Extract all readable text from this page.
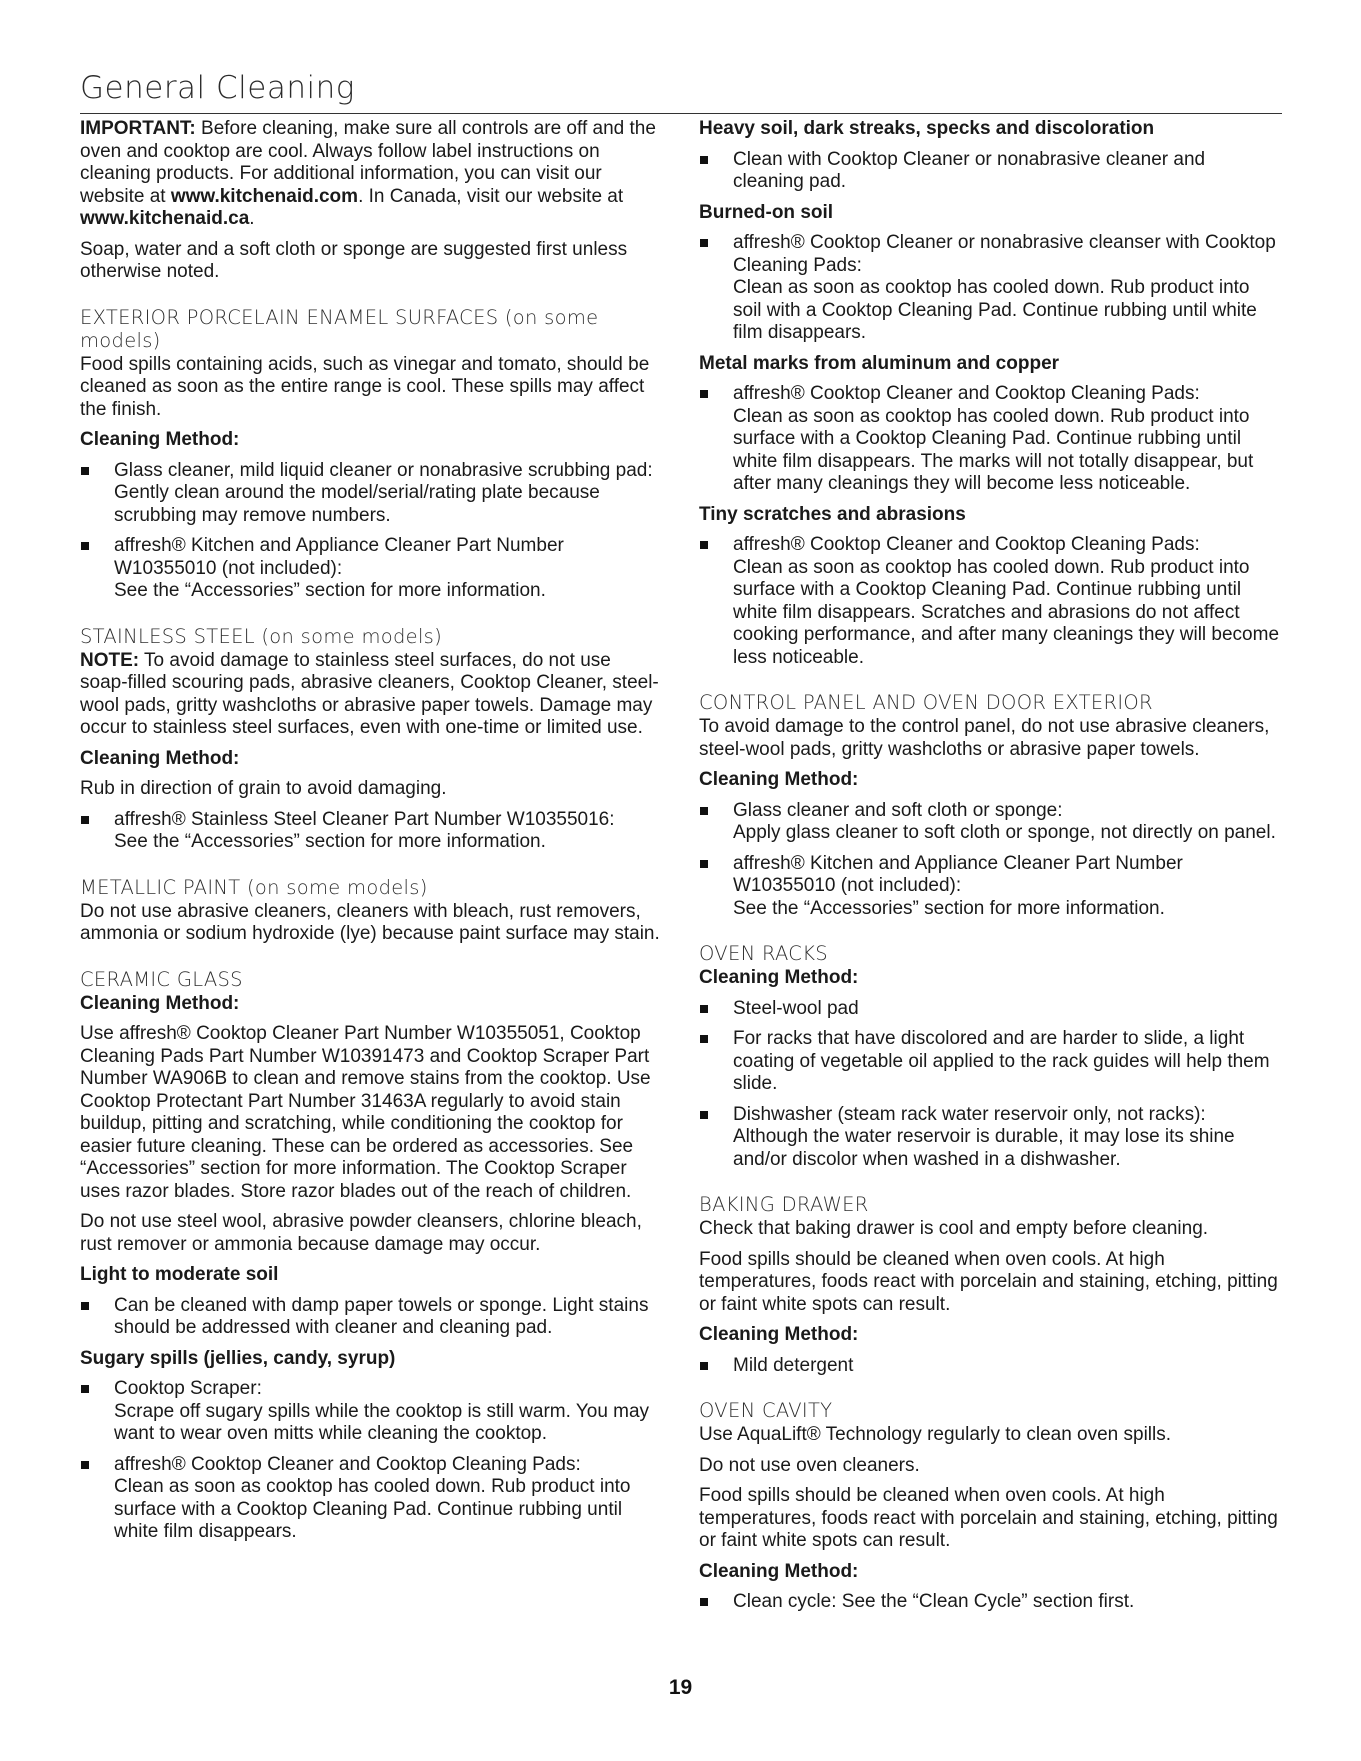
General Cleaning

IMPORTANT: Before cleaning, make sure all controls are off and the oven and cooktop are cool. Always follow label instructions on cleaning products. For additional information, you can visit our website at www.kitchenaid.com. In Canada, visit our website at
www.kitchenaid.ca.

Soap, water and a soft cloth or sponge are suggested first unless otherwise noted.

EXTERIOR PORCELAIN ENAMEL SURFACES (on some models)

Food spills containing acids, such as vinegar and tomato, should be cleaned as soon as the entire range is cool. These spills may affect the finish.

Cleaning Method:
Glass cleaner, mild liquid cleaner or nonabrasive scrubbing pad:
Gently clean around the model/serial/rating plate because scrubbing may remove numbers.
affresh® Kitchen and Appliance Cleaner Part Number W10355010 (not included):
See the “Accessories” section for more information.
STAINLESS STEEL (on some models)

NOTE: To avoid damage to stainless steel surfaces, do not use soap-filled scouring pads, abrasive cleaners, Cooktop Cleaner, steel-wool pads, gritty washcloths or abrasive paper towels. Damage may occur to stainless steel surfaces, even with one-time or limited use.

Cleaning Method:

Rub in direction of grain to avoid damaging.

affresh® Stainless Steel Cleaner Part Number W10355016:
See the “Accessories” section for more information.
METALLIC PAINT (on some models)

Do not use abrasive cleaners, cleaners with bleach, rust removers, ammonia or sodium hydroxide (lye) because paint surface may stain.

CERAMIC GLASS
Cleaning Method:

Use affresh® Cooktop Cleaner Part Number W10355051, Cooktop Cleaning Pads Part Number W10391473 and Cooktop Scraper Part Number WA906B to clean and remove stains from the cooktop. Use Cooktop Protectant Part Number 31463A regularly to avoid stain buildup, pitting and scratching, while conditioning the cooktop for easier future cleaning. These can be ordered as accessories. See “Accessories” section for more information. The Cooktop Scraper uses razor blades. Store razor blades out of the reach of children.

Do not use steel wool, abrasive powder cleansers, chlorine bleach, rust remover or ammonia because damage may occur.

Light to moderate soil
Can be cleaned with damp paper towels or sponge. Light stains should be addressed with cleaner and cleaning pad.
Sugary spills (jellies, candy, syrup)
Cooktop Scraper:
Scrape off sugary spills while the cooktop is still warm. You may want to wear oven mitts while cleaning the cooktop.
affresh® Cooktop Cleaner and Cooktop Cleaning Pads:
Clean as soon as cooktop has cooled down. Rub product into surface with a Cooktop Cleaning Pad. Continue rubbing until white film disappears.
Heavy soil, dark streaks, specks and discoloration
Clean with Cooktop Cleaner or nonabrasive cleaner and cleaning pad.
Burned-on soil
affresh® Cooktop Cleaner or nonabrasive cleanser with Cooktop Cleaning Pads:
Clean as soon as cooktop has cooled down. Rub product into soil with a Cooktop Cleaning Pad. Continue rubbing until white film disappears.
Metal marks from aluminum and copper
affresh® Cooktop Cleaner and Cooktop Cleaning Pads:
Clean as soon as cooktop has cooled down. Rub product into surface with a Cooktop Cleaning Pad. Continue rubbing until white film disappears. The marks will not totally disappear, but after many cleanings they will become less noticeable.
Tiny scratches and abrasions
affresh® Cooktop Cleaner and Cooktop Cleaning Pads:
Clean as soon as cooktop has cooled down. Rub product into surface with a Cooktop Cleaning Pad. Continue rubbing until white film disappears. Scratches and abrasions do not affect cooking performance, and after many cleanings they will become less noticeable.
CONTROL PANEL AND OVEN DOOR EXTERIOR

To avoid damage to the control panel, do not use abrasive cleaners, steel-wool pads, gritty washcloths or abrasive paper towels.

Cleaning Method:
Glass cleaner and soft cloth or sponge:
Apply glass cleaner to soft cloth or sponge, not directly on panel.
affresh® Kitchen and Appliance Cleaner Part Number W10355010 (not included):
See the “Accessories” section for more information.
OVEN RACKS
Cleaning Method:
Steel-wool pad
For racks that have discolored and are harder to slide, a light coating of vegetable oil applied to the rack guides will help them slide.
Dishwasher (steam rack water reservoir only, not racks):
Although the water reservoir is durable, it may lose its shine and/or discolor when washed in a dishwasher.
BAKING DRAWER

Check that baking drawer is cool and empty before cleaning.

Food spills should be cleaned when oven cools. At high temperatures, foods react with porcelain and staining, etching, pitting or faint white spots can result.

Cleaning Method:
Mild detergent
OVEN CAVITY

Use AquaLift® Technology regularly to clean oven spills.

Do not use oven cleaners.

Food spills should be cleaned when oven cools. At high temperatures, foods react with porcelain and staining, etching, pitting or faint white spots can result.

Cleaning Method:
Clean cycle: See the “Clean Cycle” section first.
19
